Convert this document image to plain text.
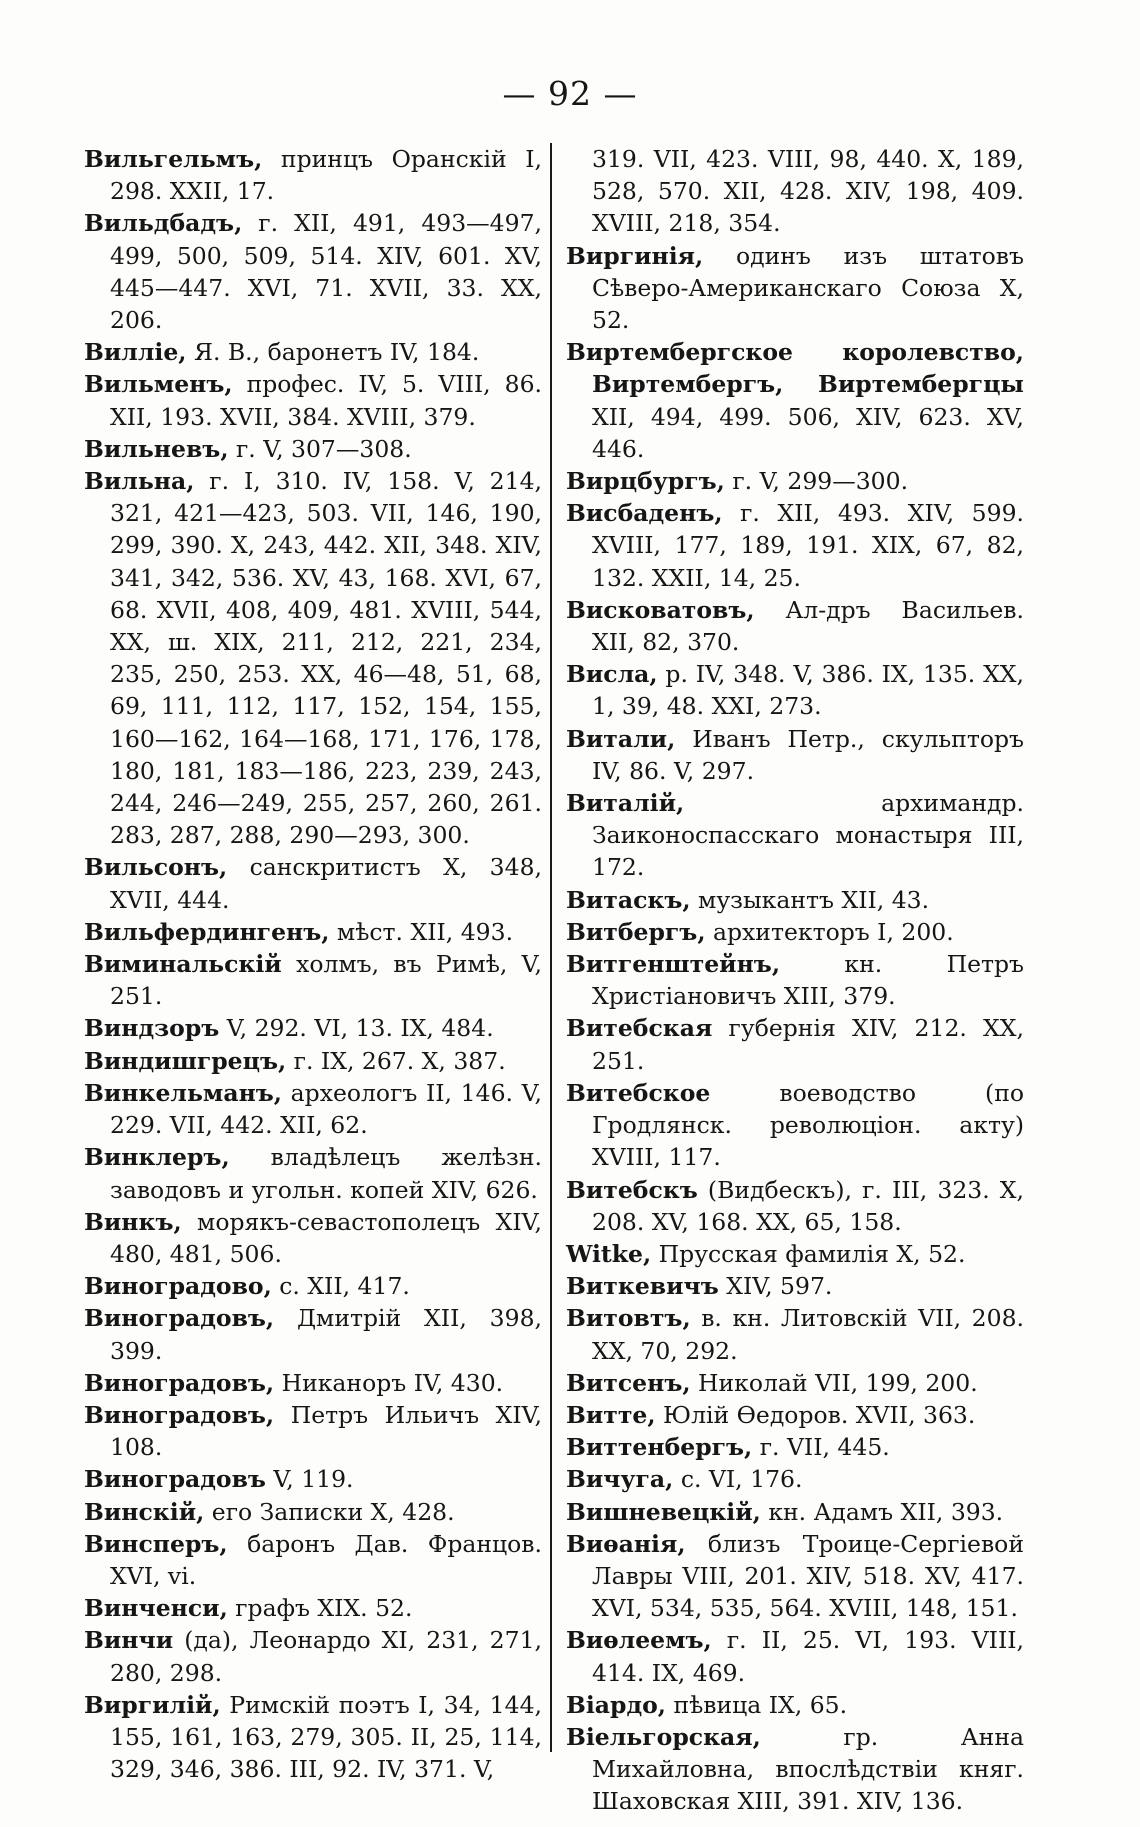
— 92 —

Вильгельмъ, принцъ Оранскій I, 298. XXII, 17.

Вильдбадъ, г. XII, 491, 493—497, 499, 500, 509, 514. XIV, 601. XV, 445—447. XVI, 71. XVII, 33. XX, 206.

Вилліе, Я. В., баронетъ IV, 184.

Вильменъ, профес. IV, 5. VIII, 86. XII, 193. XVII, 384. XVIII, 379.

Вильневъ, г. V, 307—308.

Вильна, г. I, 310. IV, 158. V, 214, 321, 421—423, 503. VII, 146, 190, 299, 390. X, 243, 442. XII, 348. XIV, 341, 342, 536. XV, 43, 168. XVI, 67, 68. XVII, 408, 409, 481. XVIII, 544, XX, ш. XIX, 211, 212, 221, 234, 235, 250, 253. XX, 46—48, 51, 68, 69, 111, 112, 117, 152, 154, 155, 160—162, 164—168, 171, 176, 178, 180, 181, 183—186, 223, 239, 243, 244, 246—249, 255, 257, 260, 261. 283, 287, 288, 290—293, 300.

Вильсонъ, санскритистъ X, 348, XVII, 444.

Вильфердингенъ, мѣст. XII, 493.

Виминальскій холмъ, въ Римѣ, V, 251.

Виндзоръ V, 292. VI, 13. IX, 484.

Виндишгрецъ, г. IX, 267. X, 387.

Винкельманъ, археологъ II, 146. V, 229. VII, 442. XII, 62.

Винклеръ, владѣлецъ желѣзн. заводовъ и угольн. копей XIV, 626.

Винкъ, морякъ-севастополецъ XIV, 480, 481, 506.

Виноградово, с. XII, 417.

Виноградовъ, Дмитрій XII, 398, 399.

Виноградовъ, Никаноръ IV, 430.

Виноградовъ, Петръ Ильичъ XIV, 108.

Виноградовъ V, 119.

Винскій, его Записки X, 428.

Винсперъ, баронъ Дав. Францов. XVI, vi.

Винченси, графъ XIX. 52.

Винчи (да), Леонардо XI, 231, 271, 280, 298.

Виргилій, Римскій поэтъ I, 34, 144, 155, 161, 163, 279, 305. II, 25, 114, 329, 346, 386. III, 92. IV, 371. V,

319. VII, 423. VIII, 98, 440. X, 189, 528, 570. XII, 428. XIV, 198, 409. XVIII, 218, 354.

Виргинія, одинъ изъ штатовъ Сѣверо-Американскаго Союза X, 52.

Виртембергское королевство, Виртембергъ, Виртембергцы XII, 494, 499. 506, XIV, 623. XV, 446.

Вирцбургъ, г. V, 299—300.

Висбаденъ, г. XII, 493. XIV, 599. XVIII, 177, 189, 191. XIX, 67, 82, 132. XXII, 14, 25.

Висковатовъ, Ал-дръ Васильев. XII, 82, 370.

Висла, р. IV, 348. V, 386. IX, 135. XX, 1, 39, 48. XXI, 273.

Витали, Иванъ Петр., скульпторъ IV, 86. V, 297.

Виталій, архимандр. Заиконоспасскаго монастыря III, 172.

Витаскъ, музыкантъ XII, 43.

Витбергъ, архитекторъ I, 200.

Витгенштейнъ, кн. Петръ Христіановичъ XIII, 379.

Витебская губернія XIV, 212. XX, 251.

Витебское воеводство (по Гродлянск. революціон. акту) XVIII, 117.

Витебскъ (Видбескъ), г. III, 323. X, 208. XV, 168. XX, 65, 158.

Witke, Прусская фамилія X, 52.

Виткевичъ XIV, 597.

Витовтъ, в. кн. Литовскій VII, 208. XX, 70, 292.

Витсенъ, Николай VII, 199, 200.

Витте, Юлій Ѳедоров. XVII, 363.

Виттенбергъ, г. VII, 445.

Вичуга, с. VI, 176.

Вишневецкій, кн. Адамъ XII, 393.

Виѳанія, близъ Троице-Сергіевой Лавры VIII, 201. XIV, 518. XV, 417. XVI, 534, 535, 564. XVIII, 148, 151.

Виѳлеемъ, г. II, 25. VI, 193. VIII, 414. IX, 469.

Віардо, пѣвица IX, 65.

Віельгорская, гр. Анна Михайловна, впослѣдствіи княг. Шаховская XIII, 391. XIV, 136.
